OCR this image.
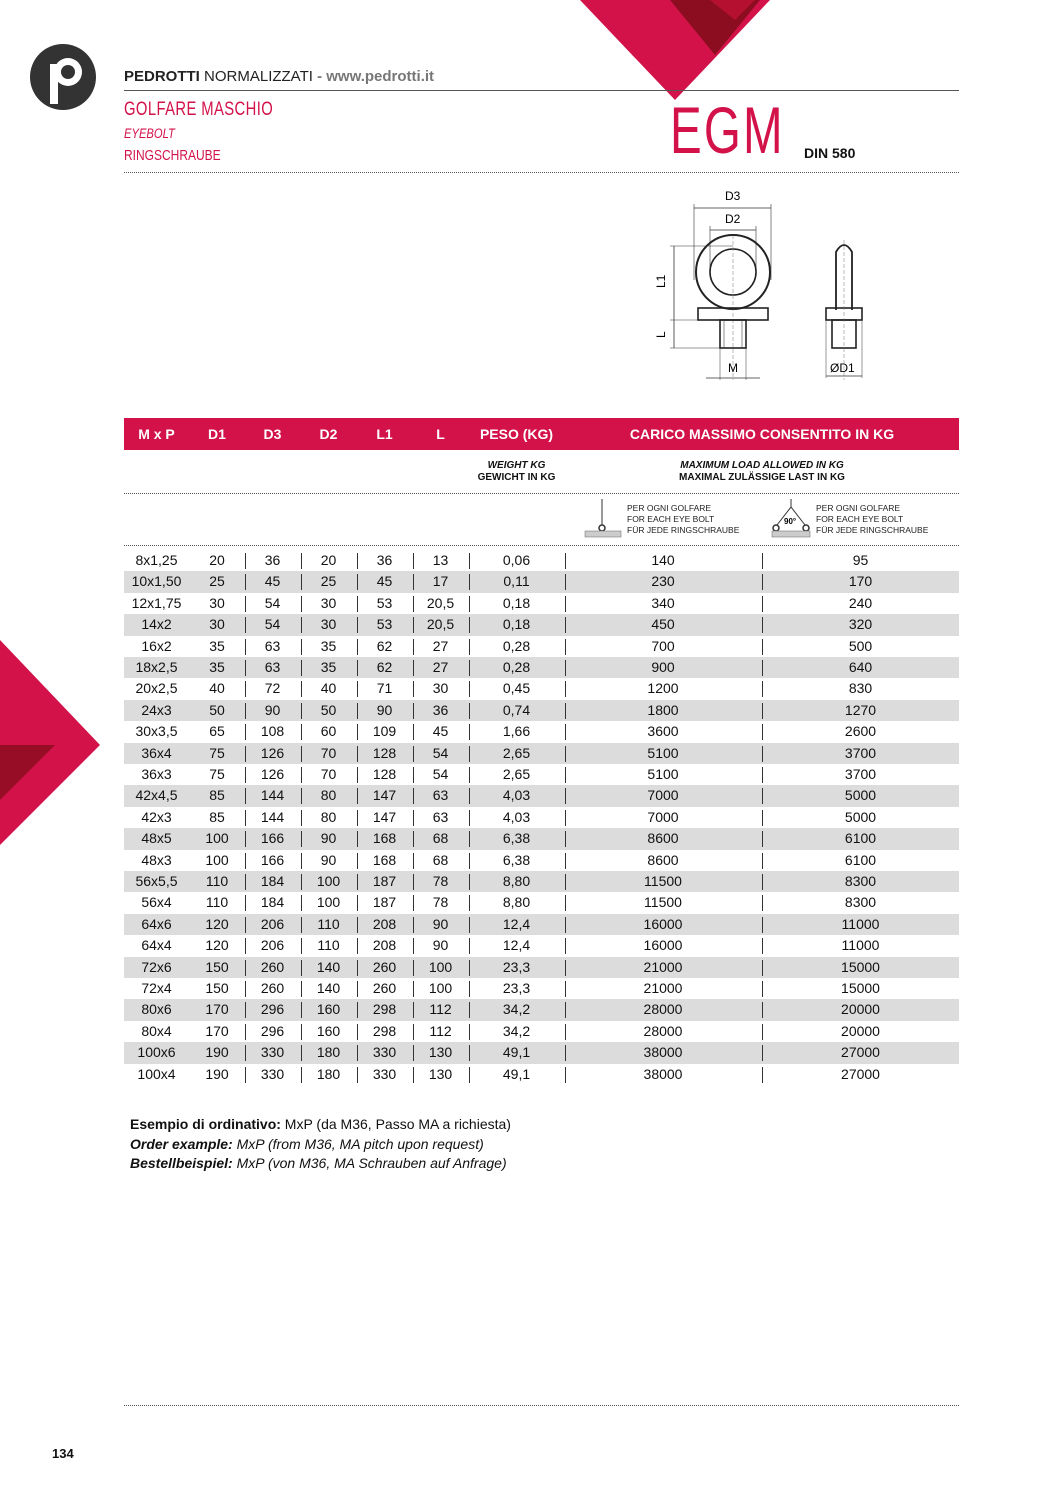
PEDROTTI NORMALIZZATI - www.pedrotti.it
GOLFARE MASCHIO
EYEBOLT
RINGSCHRAUBE	EGM DIN 580
D3
D2
L1
L
M	ØD1
M x P	D1	D3	D2	L1	L	PESO (KG)	CARICO MASSIMO CONSENTITO IN KG
WEIGHT KG
GEWICHT IN KG
MAXIMUM LOAD ALLOWED IN KG
MAXIMAL ZULÄSSIGE LAST IN KG
PER OGNI GOLFARE
FOR EACH EYE BOLT
FÜR JEDE RINGSCHRAUBE
90°
PER OGNI GOLFARE
FOR EACH EYE BOLT
FÜR JEDE RINGSCHRAUBE
8x1,25	20	36	20	36	13	0,06	140	95
10x1,50	25	45	25	45	17	0,11	230	170
12x1,75	30	54	30	53	20,5	0,18	340	240
14x2	30	54	30	53	20,5	0,18	450	320
16x2	35	63	35	62	27	0,28	700	500
18x2,5	35	63	35	62	27	0,28	900	640
20x2,5	40	72	40	71	30	0,45	1200	830
24x3	50	90	50	90	36	0,74	1800	1270
30x3,5	65	108	60	109	45	1,66	3600	2600
36x4	75	126	70	128	54	2,65	5100	3700
36x3	75	126	70	128	54	2,65	5100	3700
42x4,5	85	144	80	147	63	4,03	7000	5000
42x3	85	144	80	147	63	4,03	7000	5000
48x5	100	166	90	168	68	6,38	8600	6100
48x3	100	166	90	168	68	6,38	8600	6100
56x5,5	110	184	100	187	78	8,80	11500	8300
56x4	110	184	100	187	78	8,80	11500	8300
64x6	120	206	110	208	90	12,4	16000	11000
64x4	120	206	110	208	90	12,4	16000	11000
72x6	150	260	140	260	100	23,3	21000	15000
72x4	150	260	140	260	100	23,3	21000	15000
80x6	170	296	160	298	112	34,2	28000	20000
80x4	170	296	160	298	112	34,2	28000	20000
100x6	190	330	180	330	130	49,1	38000	27000
100x4	190	330	180	330	130	49,1	38000	27000
Esempio di ordinativo: MxP (da M36, Passo MA a richiesta)
Order example: MxP (from M36, MA pitch upon request)
Bestellbeispiel: MxP (von M36, MA Schrauben auf Anfrage)
134
